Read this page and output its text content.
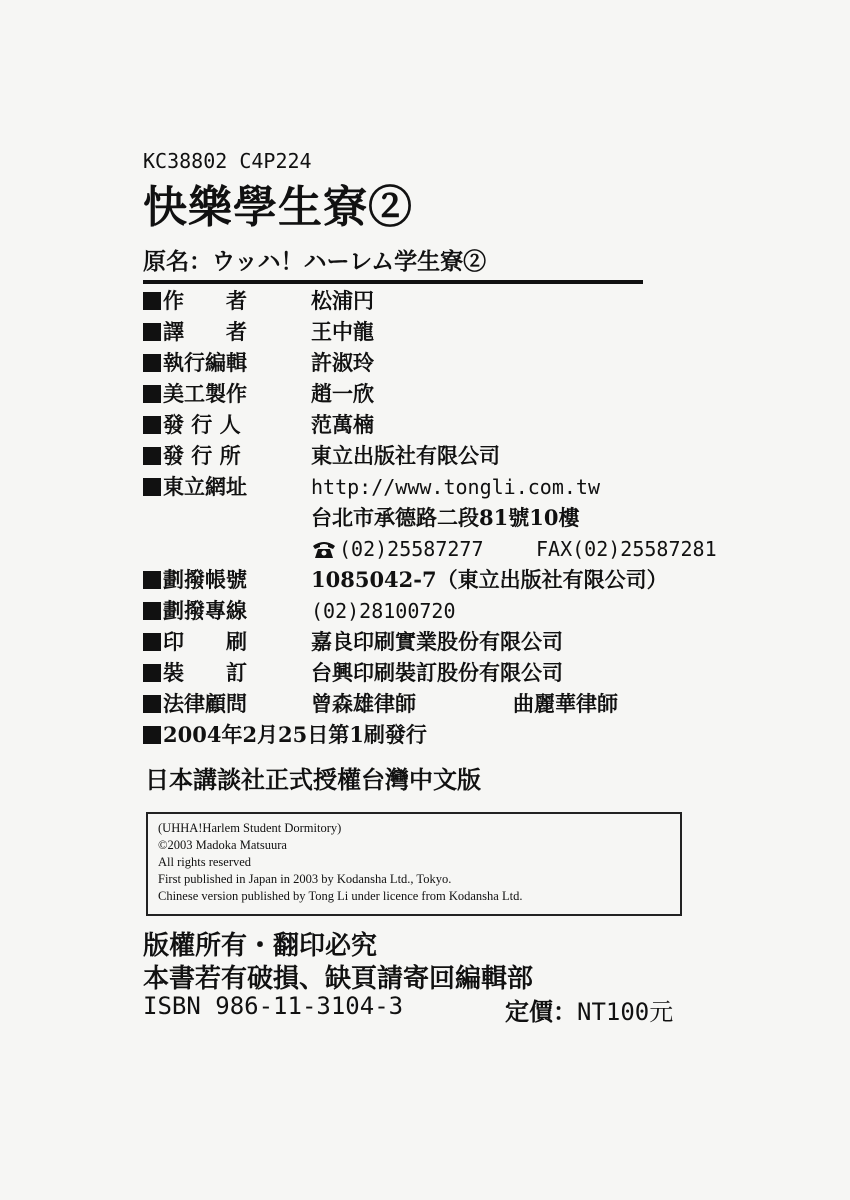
KC38802 C4P224
快樂學生寮②
原名：ウッハ！ハーレム学生寮②
作　　者	松浦円
譯　　者	王中龍
執行編輯	許淑玲
美工製作	趙一欣
發 行 人	范萬楠
發 行 所	東立出版社有限公司
東立網址	http://www.tongli.com.tw
台北市承德路二段81號10樓
(02)25587277	FAX(02)25587281
劃撥帳號	1085042-7（東立出版社有限公司）
劃撥專線	(02)28100720
印　　刷	嘉良印刷實業股份有限公司
裝　　訂	台興印刷裝訂股份有限公司
法律顧問	曾森雄律師	曲麗華律師
2004年2月25日第1刷發行
日本講談社正式授權台灣中文版
(UHHA!Harlem Student Dormitory)
©2003 Madoka Matsuura
All rights reserved
First published in Japan in 2003 by Kodansha Ltd., Tokyo.
Chinese version published by Tong Li under licence from Kodansha Ltd.
版權所有・翻印必究
本書若有破損、缺頁請寄回編輯部
ISBN 986-11-3104-3	定價：NT100元
